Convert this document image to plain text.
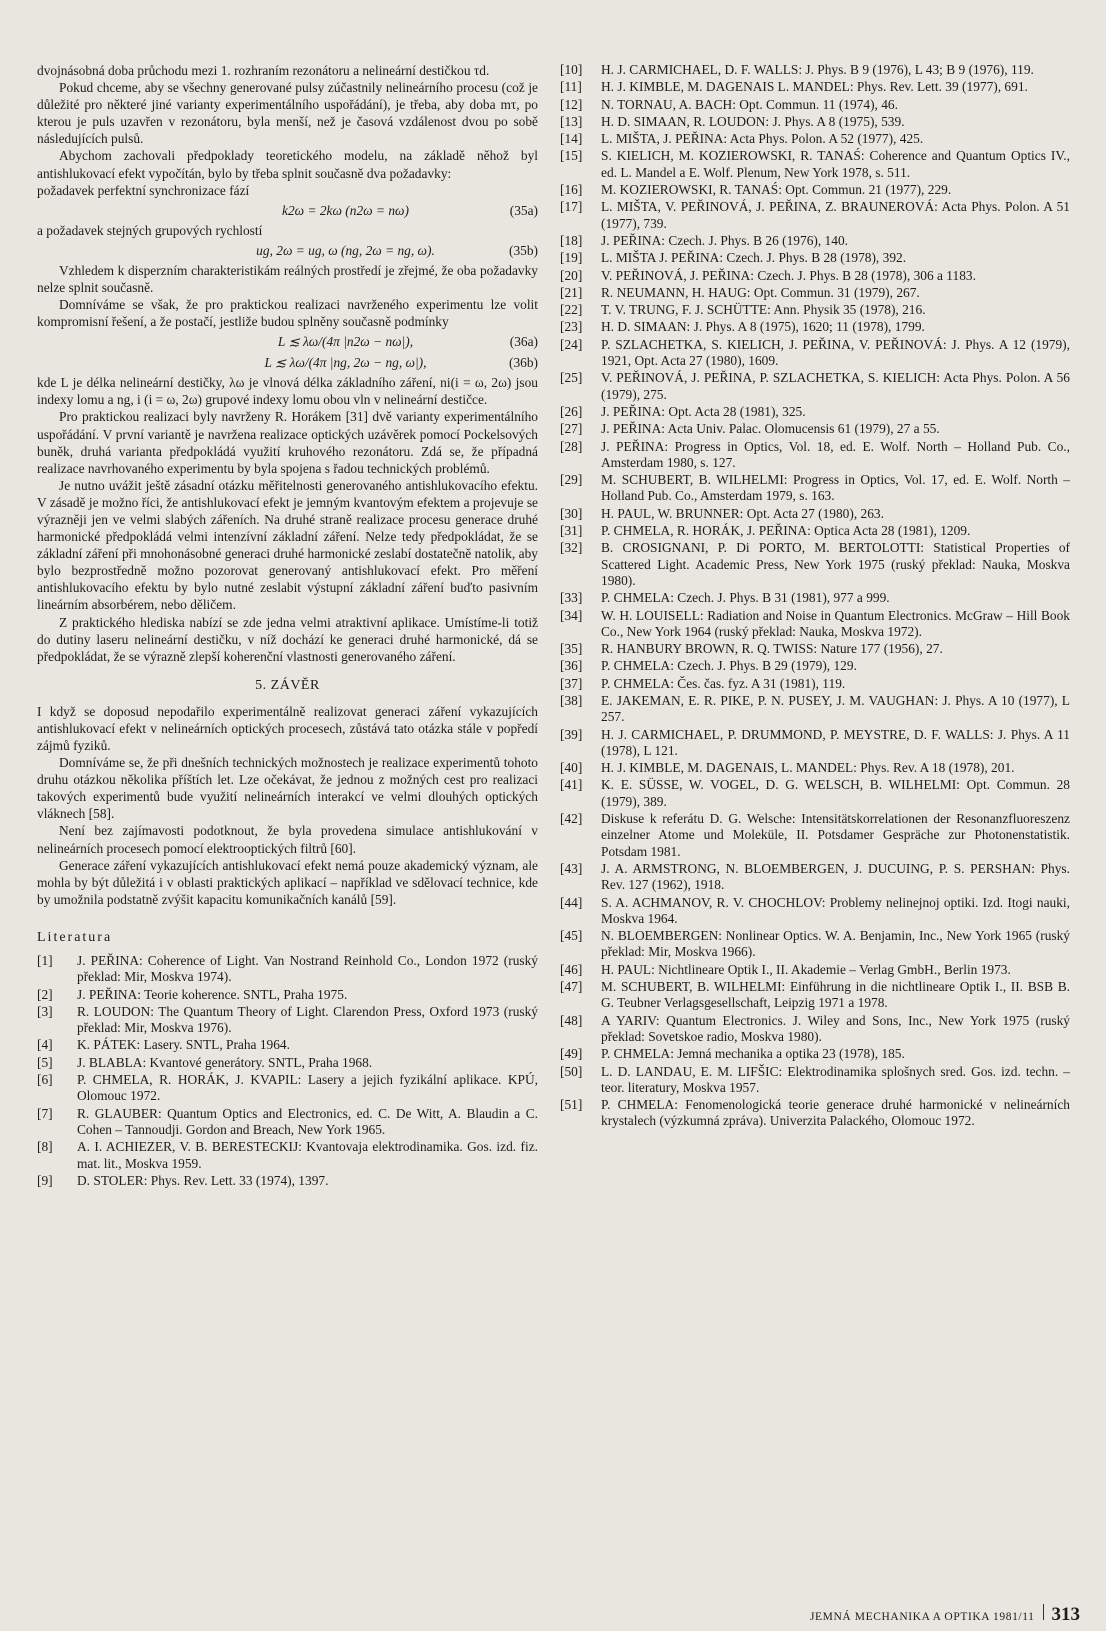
dvojnásobná doba průchodu mezi 1. rozhraním rezonátoru a nelineární destičkou τd.

Pokud chceme, aby se všechny generované pulsy zúčastnily nelineárního procesu (což je důležité pro některé jiné varianty experimentálního uspořádání), je třeba, aby doba mτ, po kterou je puls uzavřen v rezonátoru, byla menší, než je časová vzdálenost dvou po sobě následujících pulsů.

Abychom zachovali předpoklady teoretického modelu, na základě něhož byl antishlukovací efekt vypočítán, bylo by třeba splnit současně dva požadavky:

požadavek perfektní synchronizace fází

k2ω = 2kω (n2ω = nω)	(35a)

a požadavek stejných grupových rychlostí

ug, 2ω = ug, ω (ng, 2ω = ng, ω).	(35b)

Vzhledem k disperzním charakteristikám reálných prostředí je zřejmé, že oba požadavky nelze splnit současně.

Domníváme se však, že pro praktickou realizaci navrženého experimentu lze volit kompromisní řešení, a že postačí, jestliže budou splněny současně podmínky

L ≲ λω/(4π |n2ω − nω|),	(36a)
L ≲ λω/(4π |ng, 2ω − ng, ω|),	(36b)

kde L je délka nelineární destičky, λω je vlnová délka základního záření, ni(i = ω, 2ω) jsou indexy lomu a ng, i (i = ω, 2ω) grupové indexy lomu obou vln v nelineární destičce.

Pro praktickou realizaci byly navrženy R. Horákem [31] dvě varianty experimentálního uspořádání. V první variantě je navržena realizace optických uzávěrek pomocí Pockelsových buněk, druhá varianta předpokládá využití kruhového rezonátoru. Zdá se, že případná realizace navrhovaného experimentu by byla spojena s řadou technických problémů.

Je nutno uvážit ještě zásadní otázku měřitelnosti generovaného antishlukovacího efektu. V zásadě je možno říci, že antishlukovací efekt je jemným kvantovým efektem a projevuje se výrazněji jen ve velmi slabých zářeních. Na druhé straně realizace procesu generace druhé harmonické předpokládá velmi intenzívní základní záření. Nelze tedy předpokládat, že se základní záření při mnohonásobné generaci druhé harmonické zeslabí dostatečně natolik, aby bylo bezprostředně možno pozorovat generovaný antishlukovací efekt. Pro měření antishlukovacího efektu by bylo nutné zeslabit výstupní základní záření buďto pasivním lineárním absorbérem, nebo děličem.

Z praktického hlediska nabízí se zde jedna velmi atraktivní aplikace. Umístíme-li totiž do dutiny laseru nelineární destičku, v níž dochází ke generaci druhé harmonické, dá se předpokládat, že se výrazně zlepší koherenční vlastnosti generovaného záření.

5. ZÁVĚR

I když se doposud nepodařilo experimentálně realizovat generaci záření vykazujících antishlukovací efekt v nelineárních optických procesech, zůstává tato otázka stále v popředí zájmů fyziků.

Domníváme se, že při dnešních technických možnostech je realizace experimentů tohoto druhu otázkou několika příštích let. Lze očekávat, že jednou z možných cest pro realizaci takových experimentů bude využití nelineárních interakcí ve velmi dlouhých optických vláknech [58].

Není bez zajímavosti podotknout, že byla provedena simulace antishlukování v nelineárních procesech pomocí elektrooptických filtrů [60].

Generace záření vykazujících antishlukovací efekt nemá pouze akademický význam, ale mohla by být důležitá i v oblasti praktických aplikací – například ve sdělovací technice, kde by umožnila podstatně zvýšit kapacitu komunikačních kanálů [59].

Literatura
[1]	J. PEŘINA: Coherence of Light. Van Nostrand Reinhold Co., London 1972 (ruský překlad: Mir, Moskva 1974).
[2]	J. PEŘINA: Teorie koherence. SNTL, Praha 1975.
[3]	R. LOUDON: The Quantum Theory of Light. Clarendon Press, Oxford 1973 (ruský překlad: Mir, Moskva 1976).
[4]	K. PÁTEK: Lasery. SNTL, Praha 1964.
[5]	J. BLABLA: Kvantové generátory. SNTL, Praha 1968.
[6]	P. CHMELA, R. HORÁK, J. KVAPIL: Lasery a jejich fyzikální aplikace. KPÚ, Olomouc 1972.
[7]	R. GLAUBER: Quantum Optics and Electronics, ed. C. De Witt, A. Blaudin a C. Cohen – Tannoudji. Gordon and Breach, New York 1965.
[8]	A. I. ACHIEZER, V. B. BERESTECKIJ: Kvantovaja elektrodinamika. Gos. izd. fiz. mat. lit., Moskva 1959.
[9]	D. STOLER: Phys. Rev. Lett. 33 (1974), 1397.
[10]	H. J. CARMICHAEL, D. F. WALLS: J. Phys. B 9 (1976), L 43; B 9 (1976), 119.
[11]	H. J. KIMBLE, M. DAGENAIS L. MANDEL: Phys. Rev. Lett. 39 (1977), 691.
[12]	N. TORNAU, A. BACH: Opt. Commun. 11 (1974), 46.
[13]	H. D. SIMAAN, R. LOUDON: J. Phys. A 8 (1975), 539.
[14]	L. MIŠTA, J. PEŘINA: Acta Phys. Polon. A 52 (1977), 425.
[15]	S. KIELICH, M. KOZIEROWSKI, R. TANAŚ: Coherence and Quantum Optics IV., ed. L. Mandel a E. Wolf. Plenum, New York 1978, s. 511.
[16]	M. KOZIEROWSKI, R. TANAŚ: Opt. Commun. 21 (1977), 229.
[17]	L. MIŠTA, V. PEŘINOVÁ, J. PEŘINA, Z. BRAUNEROVÁ: Acta Phys. Polon. A 51 (1977), 739.
[18]	J. PEŘINA: Czech. J. Phys. B 26 (1976), 140.
[19]	L. MIŠTA J. PEŘINA: Czech. J. Phys. B 28 (1978), 392.
[20]	V. PEŘINOVÁ, J. PEŘINA: Czech. J. Phys. B 28 (1978), 306 a 1183.
[21]	R. NEUMANN, H. HAUG: Opt. Commun. 31 (1979), 267.
[22]	T. V. TRUNG, F. J. SCHÜTTE: Ann. Physik 35 (1978), 216.
[23]	H. D. SIMAAN: J. Phys. A 8 (1975), 1620; 11 (1978), 1799.
[24]	P. SZLACHETKA, S. KIELICH, J. PEŘINA, V. PEŘINOVÁ: J. Phys. A 12 (1979), 1921, Opt. Acta 27 (1980), 1609.
[25]	V. PEŘINOVÁ, J. PEŘINA, P. SZLACHETKA, S. KIELICH: Acta Phys. Polon. A 56 (1979), 275.
[26]	J. PEŘINA: Opt. Acta 28 (1981), 325.
[27]	J. PEŘINA: Acta Univ. Palac. Olomucensis 61 (1979), 27 a 55.
[28]	J. PEŘINA: Progress in Optics, Vol. 18, ed. E. Wolf. North – Holland Pub. Co., Amsterdam 1980, s. 127.
[29]	M. SCHUBERT, B. WILHELMI: Progress in Optics, Vol. 17, ed. E. Wolf. North – Holland Pub. Co., Amsterdam 1979, s. 163.
[30]	H. PAUL, W. BRUNNER: Opt. Acta 27 (1980), 263.
[31]	P. CHMELA, R. HORÁK, J. PEŘINA: Optica Acta 28 (1981), 1209.
[32]	B. CROSIGNANI, P. Di PORTO, M. BERTOLOTTI: Statistical Properties of Scattered Light. Academic Press, New York 1975 (ruský překlad: Nauka, Moskva 1980).
[33]	P. CHMELA: Czech. J. Phys. B 31 (1981), 977 a 999.
[34]	W. H. LOUISELL: Radiation and Noise in Quantum Electronics. McGraw – Hill Book Co., New York 1964 (ruský překlad: Nauka, Moskva 1972).
[35]	R. HANBURY BROWN, R. Q. TWISS: Nature 177 (1956), 27.
[36]	P. CHMELA: Czech. J. Phys. B 29 (1979), 129.
[37]	P. CHMELA: Čes. čas. fyz. A 31 (1981), 119.
[38]	E. JAKEMAN, E. R. PIKE, P. N. PUSEY, J. M. VAUGHAN: J. Phys. A 10 (1977), L 257.
[39]	H. J. CARMICHAEL, P. DRUMMOND, P. MEYSTRE, D. F. WALLS: J. Phys. A 11 (1978), L 121.
[40]	H. J. KIMBLE, M. DAGENAIS, L. MANDEL: Phys. Rev. A 18 (1978), 201.
[41]	K. E. SÜSSE, W. VOGEL, D. G. WELSCH, B. WILHELMI: Opt. Commun. 28 (1979), 389.
[42]	Diskuse k referátu D. G. Welsche: Intensitätskorrelationen der Resonanzfluoreszenz einzelner Atome und Moleküle, II. Potsdamer Gespräche zur Photonenstatistik. Potsdam 1981.
[43]	J. A. ARMSTRONG, N. BLOEMBERGEN, J. DUCUING, P. S. PERSHAN: Phys. Rev. 127 (1962), 1918.
[44]	S. A. ACHMANOV, R. V. CHOCHLOV: Problemy nelinejnoj optiki. Izd. Itogi nauki, Moskva 1964.
[45]	N. BLOEMBERGEN: Nonlinear Optics. W. A. Benjamin, Inc., New York 1965 (ruský překlad: Mir, Moskva 1966).
[46]	H. PAUL: Nichtlineare Optik I., II. Akademie – Verlag GmbH., Berlin 1973.
[47]	M. SCHUBERT, B. WILHELMI: Einführung in die nichtlineare Optik I., II. BSB B. G. Teubner Verlagsgesellschaft, Leipzig 1971 a 1978.
[48]	A YARIV: Quantum Electronics. J. Wiley and Sons, Inc., New York 1975 (ruský překlad: Sovetskoe radio, Moskva 1980).
[49]	P. CHMELA: Jemná mechanika a optika 23 (1978), 185.
[50]	L. D. LANDAU, E. M. LIFŠIC: Elektrodinamika splošnych sred. Gos. izd. techn. – teor. literatury, Moskva 1957.
[51]	P. CHMELA: Fenomenologická teorie generace druhé harmonické v nelineárních krystalech (výzkumná zpráva). Univerzita Palackého, Olomouc 1972.
JEMNÁ MECHANIKA A OPTIKA 1981/11 313
